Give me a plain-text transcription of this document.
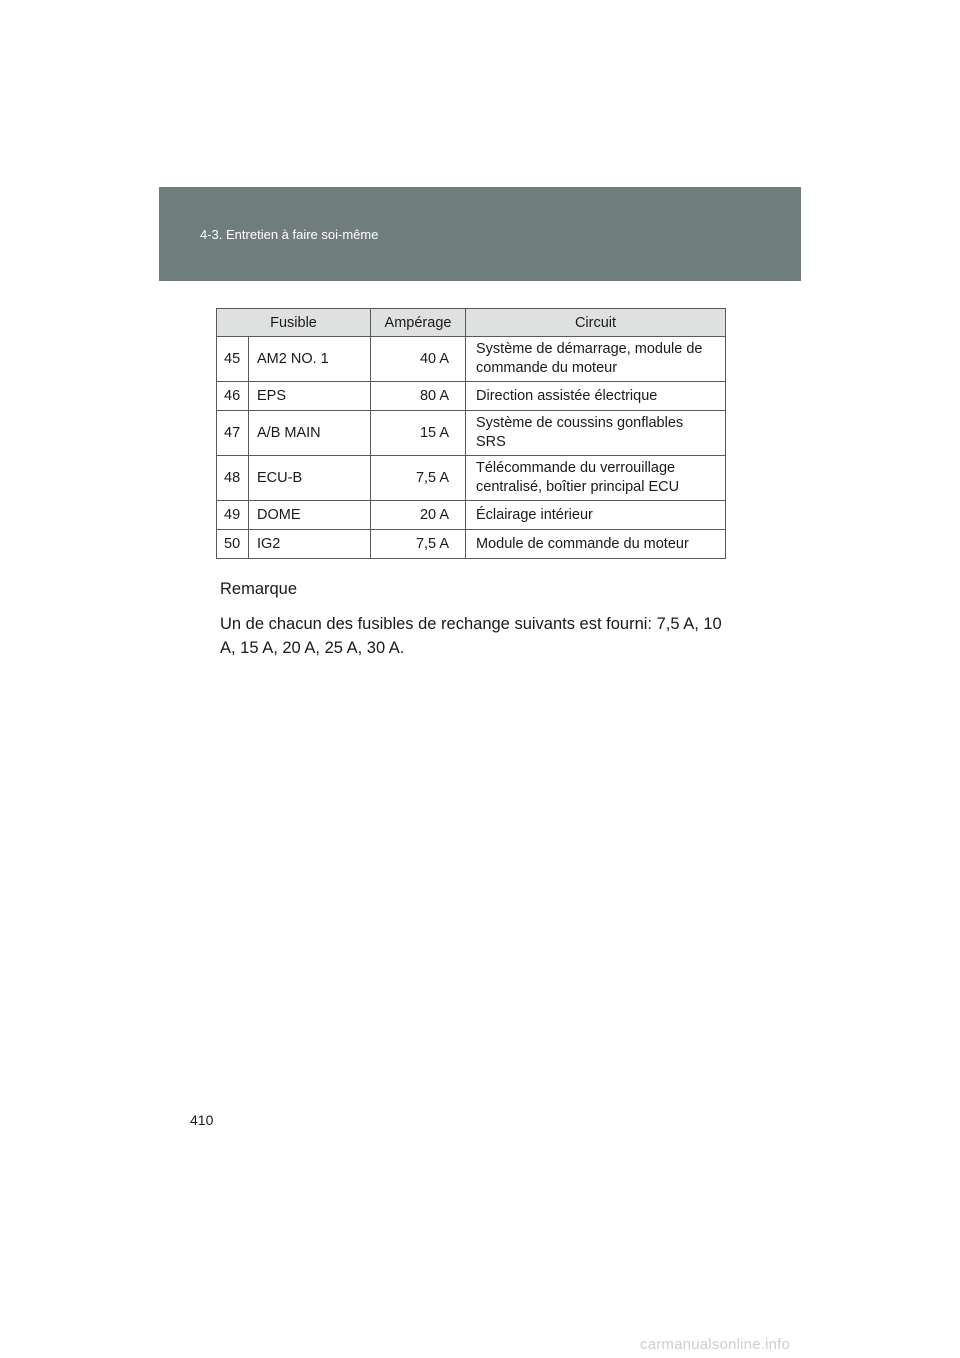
4-3. Entretien à faire soi-même
Fusible		Ampérage	Circuit
45	AM2 NO. 1	40 A	Système de démarrage, module de
commande du moteur
46	EPS	80 A	Direction assistée électrique
47	A/B MAIN	15 A	Système de coussins gonflables
SRS
48	ECU-B	7,5 A	Télécommande du verrouillage
centralisé, boîtier principal ECU
49	DOME	20 A	Éclairage intérieur
50	IG2	7,5 A	Module de commande du moteur
Remarque
Un de chacun des fusibles de rechange suivants est fourni: 7,5 A, 10
A, 15 A, 20 A, 25 A, 30 A.
410
carmanualsonline.info
